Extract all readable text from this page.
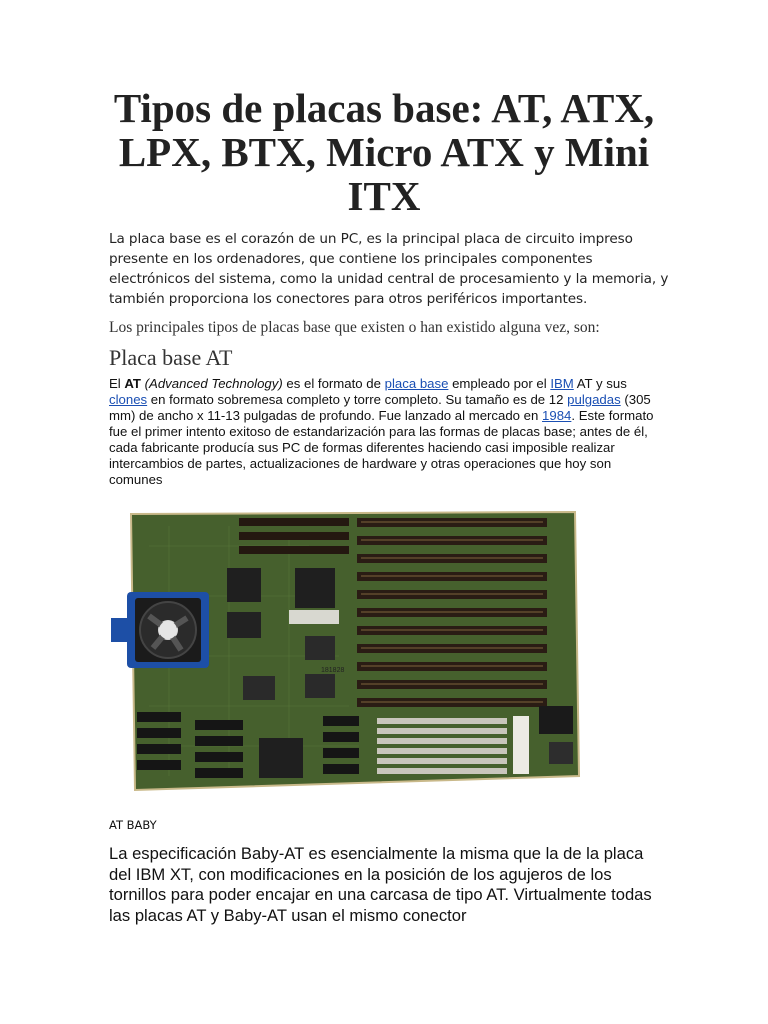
Tipos de placas base: AT, ATX, LPX, BTX, Micro ATX y Mini ITX

La placa base es el corazón de un PC, es la principal placa de circuito impreso presente en los ordenadores, que contiene los principales componentes electrónicos del sistema, como la unidad central de procesamiento y la memoria, y también proporciona los conectores para otros periféricos importantes.

Los principales tipos de placas base que existen o han existido alguna vez, son:

Placa base AT

El AT (Advanced Technology) es el formato de placa base empleado por el IBM AT y sus clones en formato sobremesa completo y torre completo. Su tamaño es de 12 pulgadas (305 mm) de ancho x 11-13 pulgadas de profundo. Fue lanzado al mercado en 1984. Este formato fue el primer intento exitoso de estandarización para las formas de placas base; antes de él, cada fabricante producía sus PC de formas diferentes haciendo casi imposible realizar intercambios de partes, actualizaciones de hardware y otras operaciones que hoy son comunes

181828

AT BABY

La especificación Baby-AT es esencialmente la misma que la de la placa del IBM XT, con modificaciones en la posición de los agujeros de los tornillos para poder encajar en una carcasa de tipo AT. Virtualmente todas las placas AT y Baby-AT usan el mismo conector
